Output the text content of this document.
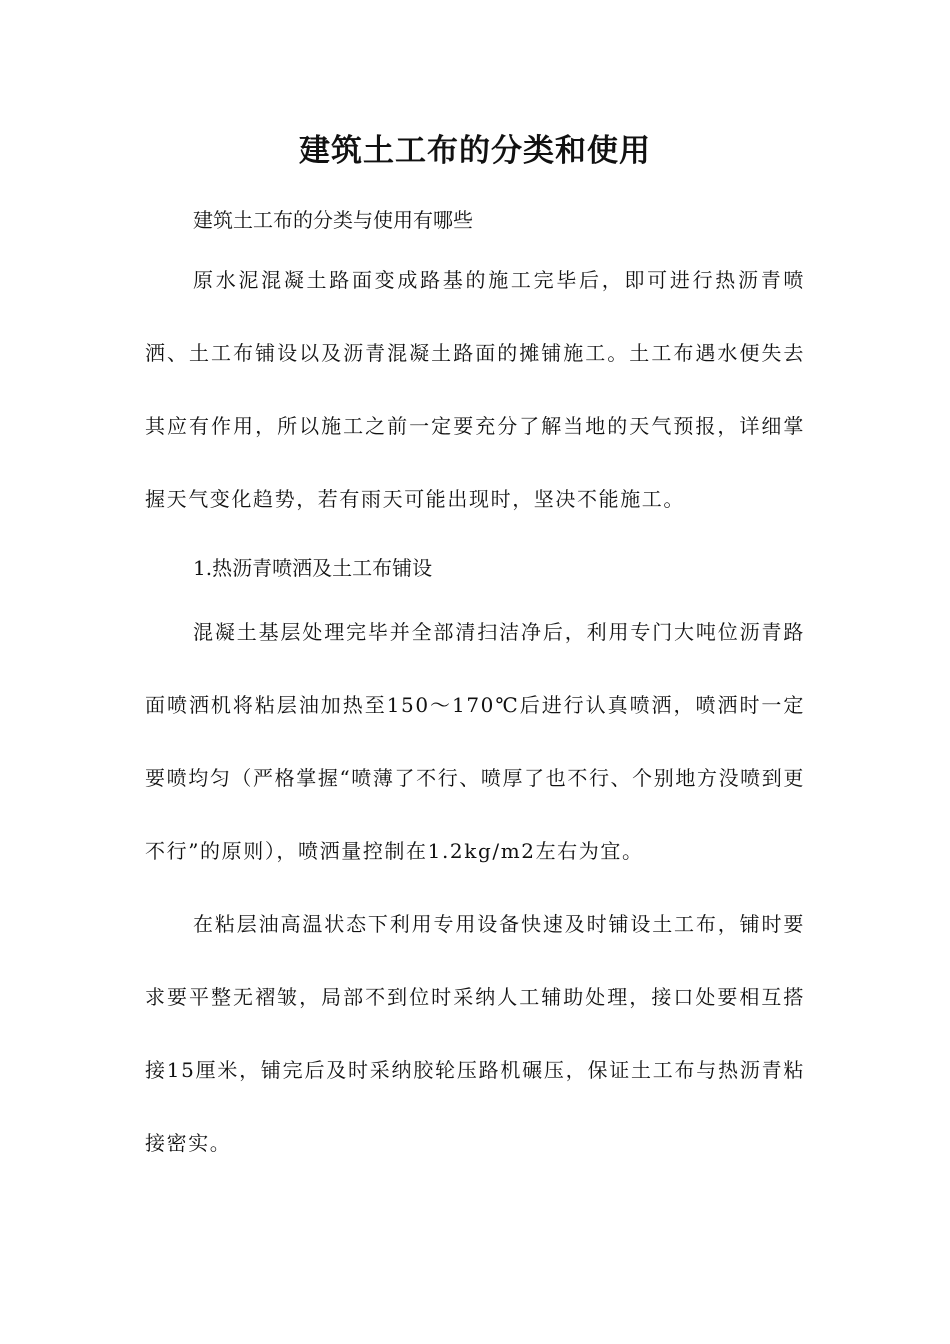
建筑土工布的分类和使用

建筑土工布的分类与使用有哪些

原水泥混凝土路面变成路基的施工完毕后，即可进行热沥青喷洒、土工布铺设以及沥青混凝土路面的摊铺施工。土工布遇水便失去其应有作用，所以施工之前一定要充分了解当地的天气预报，详细掌握天气变化趋势，若有雨天可能出现时，坚决不能施工。

1.热沥青喷洒及土工布铺设

混凝土基层处理完毕并全部清扫洁净后，利用专门大吨位沥青路面喷洒机将粘层油加热至150～170℃后进行认真喷洒，喷洒时一定要喷均匀（严格掌握“喷薄了不行、喷厚了也不行、个别地方没喷到更不行”的原则），喷洒量控制在1.2kg/m2左右为宜。

在粘层油高温状态下利用专用设备快速及时铺设土工布，铺时要求要平整无褶皱，局部不到位时采纳人工辅助处理，接口处要相互搭接15厘米，铺完后及时采纳胶轮压路机碾压，保证土工布与热沥青粘接密实。
